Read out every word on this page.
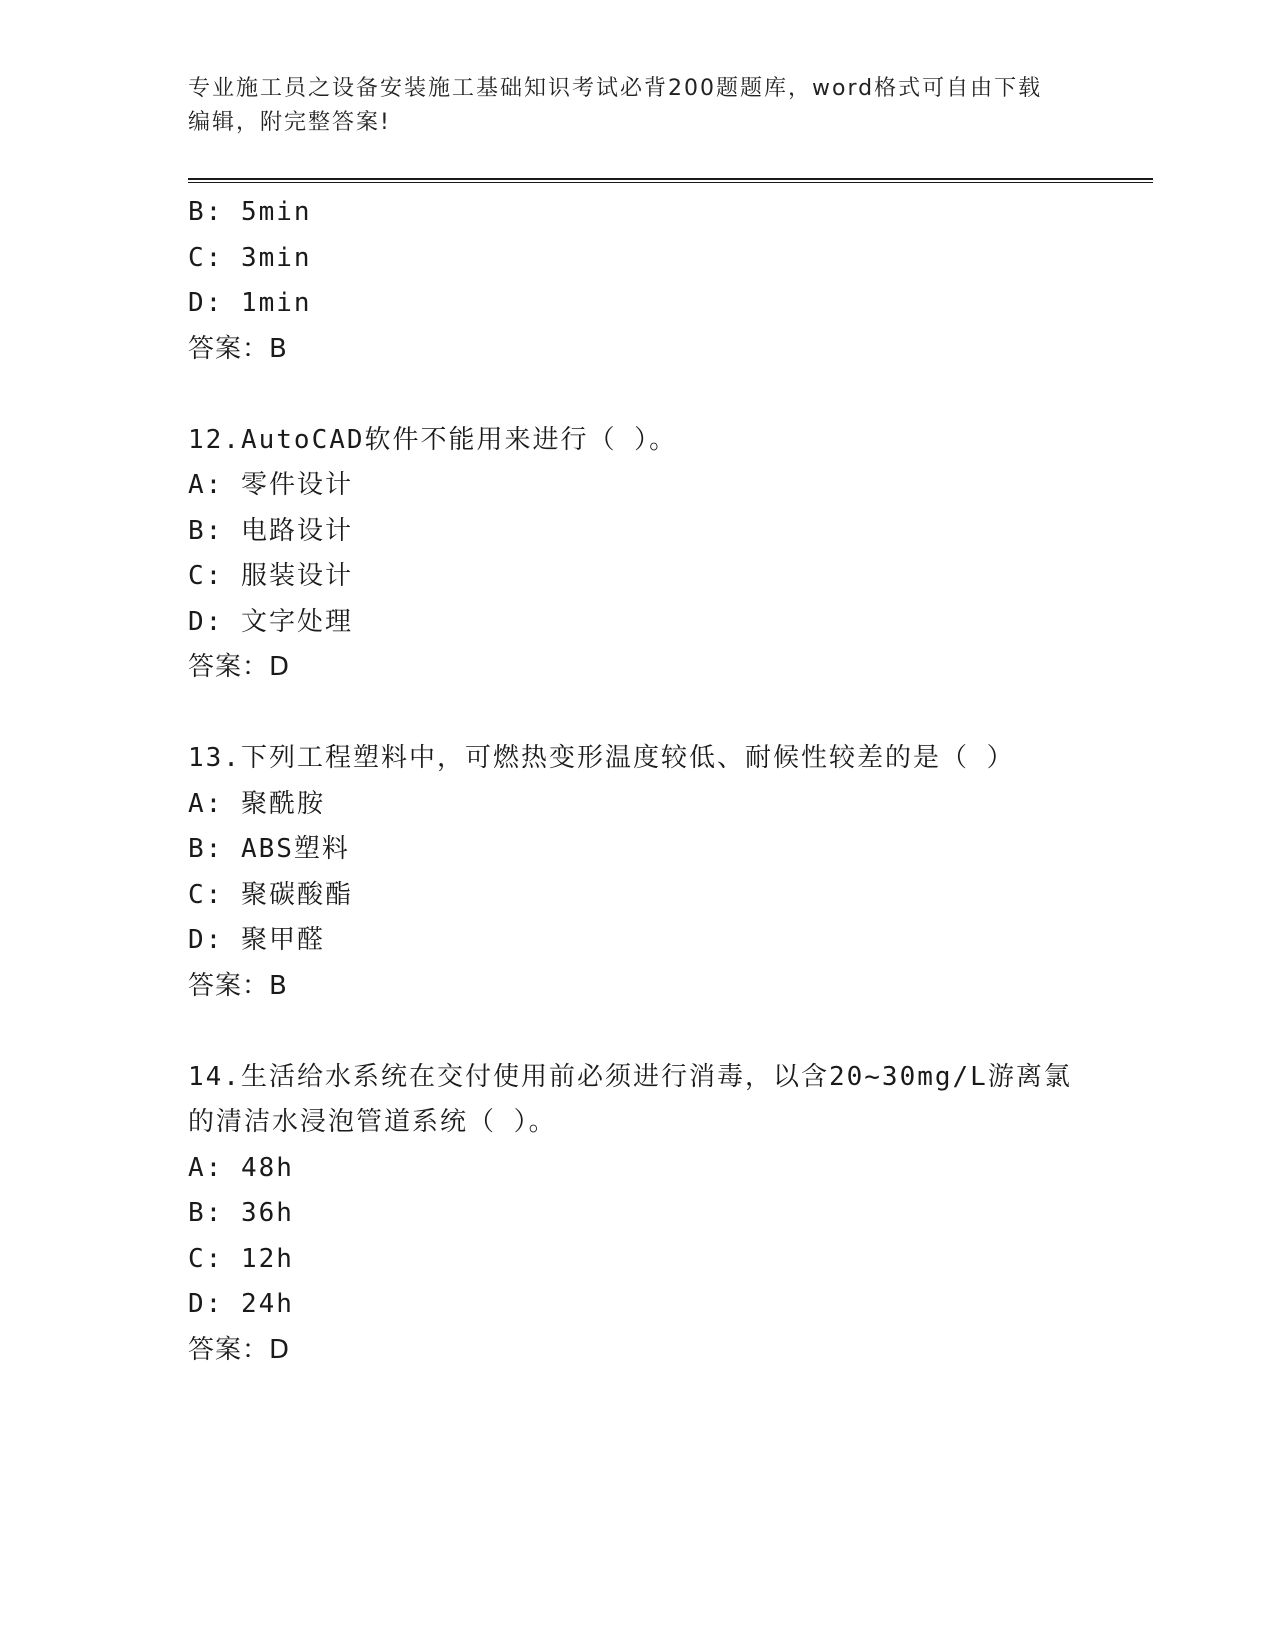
专业施工员之设备安装施工基础知识考试必背200题题库，word格式可自由下载
编辑，附完整答案!
B: 5min
C: 3min
D: 1min
答案：B
12.AutoCAD软件不能用来进行（ ）。
A: 零件设计
B: 电路设计
C: 服装设计
D: 文字处理
答案：D
13.下列工程塑料中，可燃热变形温度较低、耐候性较差的是（ ）
A: 聚酰胺
B: ABS塑料
C: 聚碳酸酯
D: 聚甲醛
答案：B
14.生活给水系统在交付使用前必须进行消毒，以含20~30mg/L游离氯
的清洁水浸泡管道系统（ ）。
A: 48h
B: 36h
C: 12h
D: 24h
答案：D
